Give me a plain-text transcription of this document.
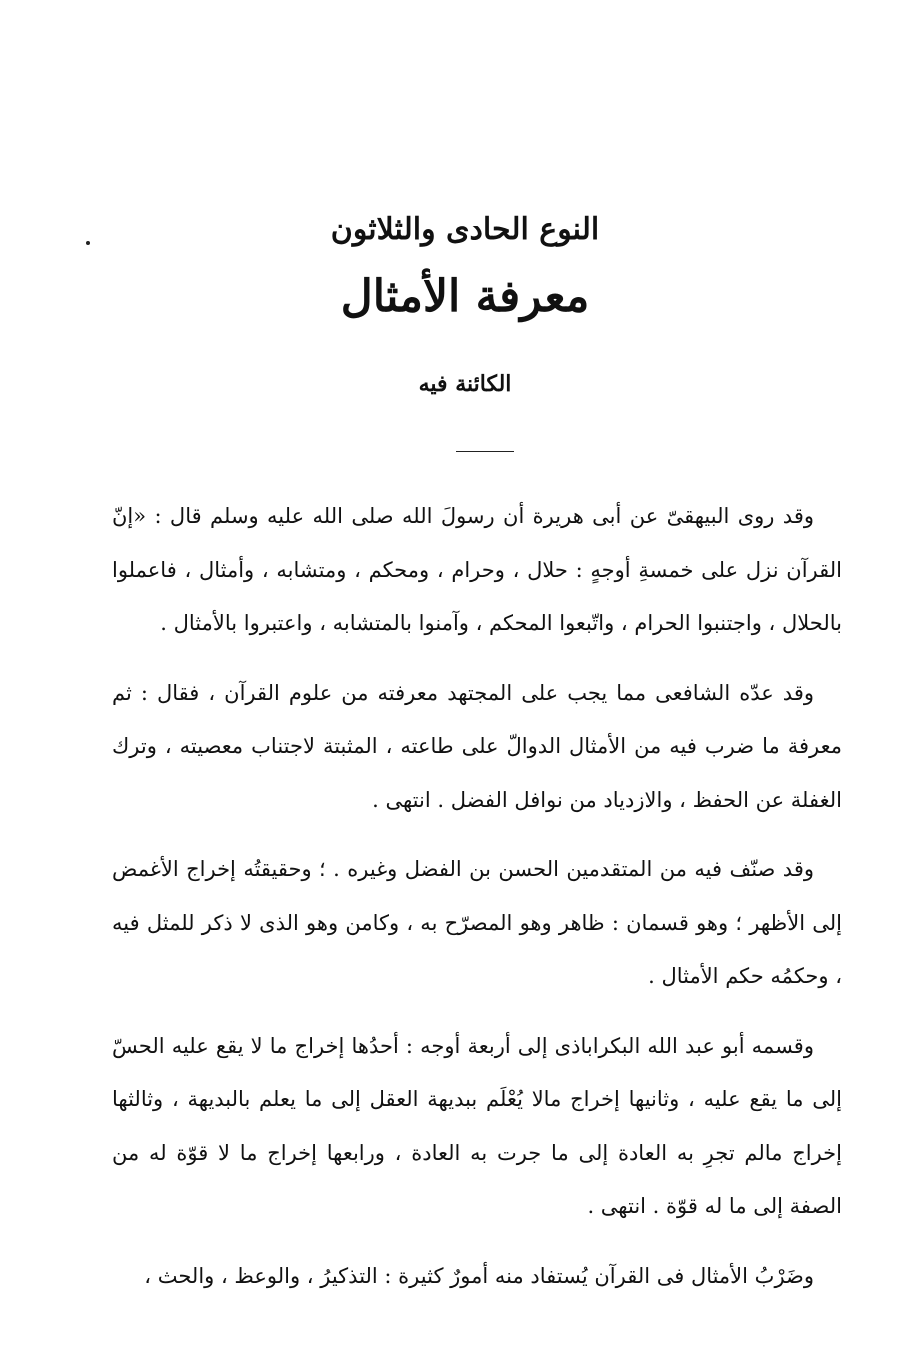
النوع الحادى والثلاثون
معرفة الأمثال
الكائنة فيه

وقد روى البيهقىّ عن أبى هريرة أن رسولَ الله صلى الله عليه وسلم قال : «إنّ القرآن نزل على خمسةِ أوجهٍ : حلال ، وحرام ، ومحكم ، ومتشابه ، وأمثال ، فاعملوا بالحلال ، واجتنبوا الحرام ، واتّبعوا المحكم ، وآمنوا بالمتشابه ، واعتبروا بالأمثال .

وقد عدّه الشافعى مما يجب على المجتهد معرفته من علوم القرآن ، فقال : ثم معرفة ما ضرب فيه من الأمثال الدوالّ على طاعته ، المثبتة لاجتناب معصيته ، وترك الغفلة عن الحفظ ، والازدياد من نوافل الفضل . انتهى .

وقد صنّف فيه من المتقدمين الحسن بن الفضل وغيره . ؛ وحقيقتُه إخراج الأغمض إلى الأظهر ؛ وهو قسمان : ظاهر وهو المصرّح به ، وكامن وهو الذى لا ذكر للمثل فيه ، وحكمُه حكم الأمثال .

وقسمه أبو عبد الله البكراباذى إلى أربعة أوجه : أحدُها إخراج ما لا يقع عليه الحسّ إلى ما يقع عليه ، وثانيها إخراج مالا يُعْلَم ببديهة العقل إلى ما يعلم بالبديهة ، وثالثها إخراج مالم تجرِ به العادة إلى ما جرت به العادة ، ورابعها إخراج ما لا قوّة له من الصفة إلى ما له قوّة . انتهى .

وضَرْبُ الأمثال فى القرآن يُستفاد منه أمورٌ كثيرة : التذكيرُ ، والوعظ ، والحث ،
